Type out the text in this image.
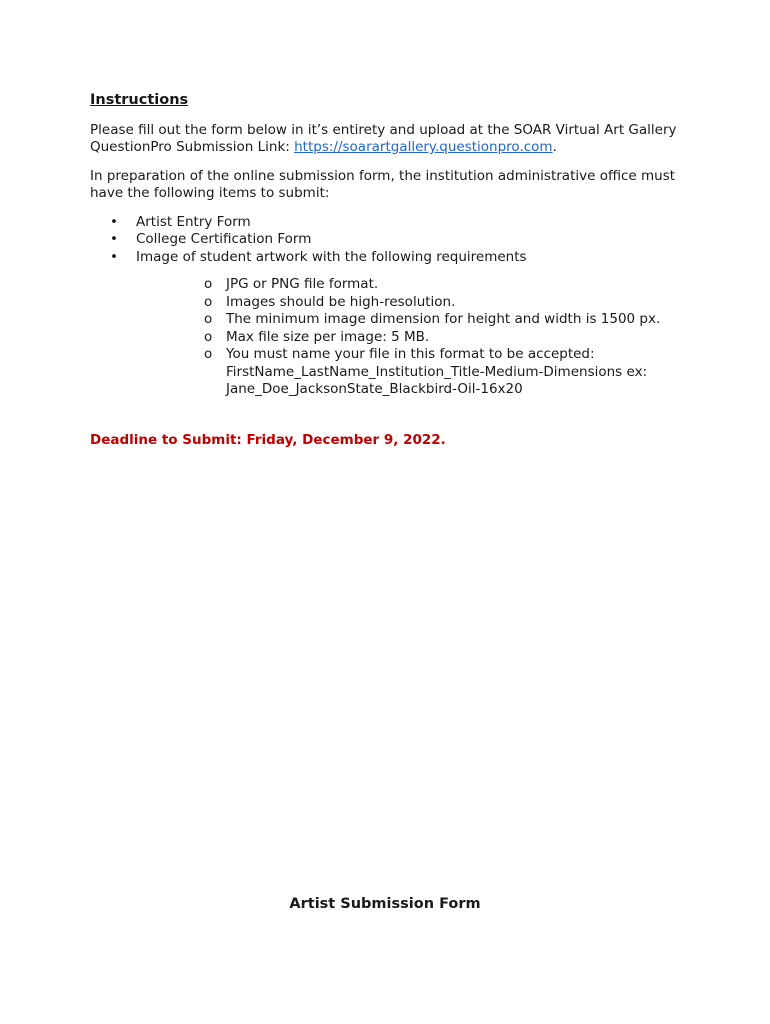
Instructions

Please fill out the form below in it’s entirety and upload at the SOAR Virtual Art Gallery QuestionPro Submission Link: https://soarartgallery.questionpro.com.

In preparation of the online submission form, the institution administrative office must have the following items to submit:

• Artist Entry Form
• College Certification Form
• Image of student artwork with the following requirements
o JPG or PNG file format.
o Images should be high-resolution.
o The minimum image dimension for height and width is 1500 px.
o Max file size per image: 5 MB.
o You must name your file in this format to be accepted:
FirstName_LastName_Institution_Title-Medium-Dimensions ex:
Jane_Doe_JacksonState_Blackbird-Oil-16x20
Deadline to Submit: Friday, December 9, 2022.
Artist Submission Form
